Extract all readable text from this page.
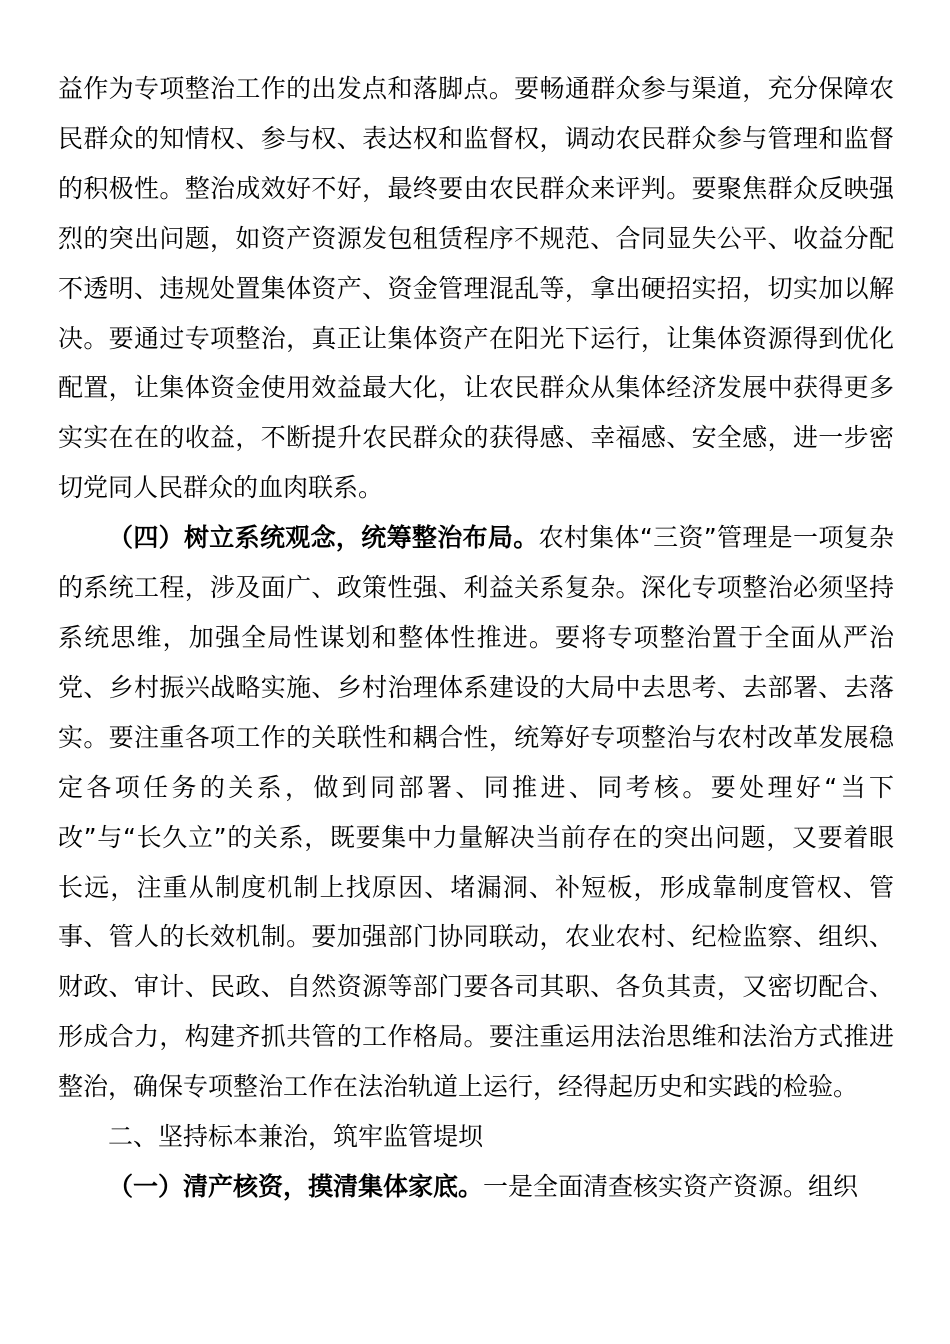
益作为专项整治工作的出发点和落脚点。要畅通群众参与渠道，充分保障农民群众的知情权、参与权、表达权和监督权，调动农民群众参与管理和监督的积极性。整治成效好不好，最终要由农民群众来评判。要聚焦群众反映强烈的突出问题，如资产资源发包租赁程序不规范、合同显失公平、收益分配不透明、违规处置集体资产、资金管理混乱等，拿出硬招实招，切实加以解决。要通过专项整治，真正让集体资产在阳光下运行，让集体资源得到优化配置，让集体资金使用效益最大化，让农民群众从集体经济发展中获得更多实实在在的收益，不断提升农民群众的获得感、幸福感、安全感，进一步密切党同人民群众的血肉联系。

（四）树立系统观念，统筹整治布局。农村集体“三资”管理是一项复杂的系统工程，涉及面广、政策性强、利益关系复杂。深化专项整治必须坚持系统思维，加强全局性谋划和整体性推进。要将专项整治置于全面从严治党、乡村振兴战略实施、乡村治理体系建设的大局中去思考、去部署、去落实。要注重各项工作的关联性和耦合性，统筹好专项整治与农村改革发展稳定各项任务的关系，做到同部署、同推进、同考核。要处理好“当下改”与“长久立”的关系，既要集中力量解决当前存在的突出问题，又要着眼长远，注重从制度机制上找原因、堵漏洞、补短板，形成靠制度管权、管事、管人的长效机制。要加强部门协同联动，农业农村、纪检监察、组织、财政、审计、民政、自然资源等部门要各司其职、各负其责，又密切配合、形成合力，构建齐抓共管的工作格局。要注重运用法治思维和法治方式推进整治，确保专项整治工作在法治轨道上运行，经得起历史和实践的检验。

二、坚持标本兼治，筑牢监管堤坝

（一）清产核资，摸清集体家底。一是全面清查核实资产资源。组织
